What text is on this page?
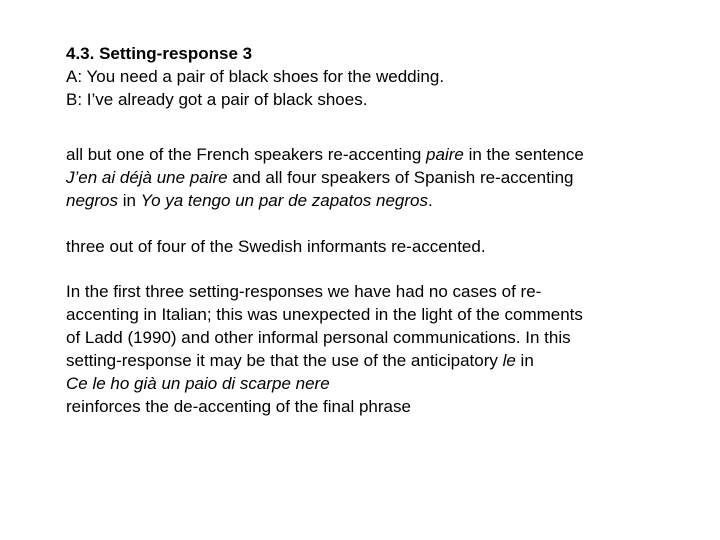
4.3. Setting-response 3

A: You need a pair of black shoes for the wedding.

B: I’ve already got a pair of black shoes.

all but one of the French speakers re-accenting paire in the sentence
J’en ai déjà une paire and all four speakers of Spanish re-accenting
negros in Yo ya tengo un par de zapatos negros.

three out of four of the Swedish informants re-accented.

In the first three setting-responses we have had no cases of re-
accenting in Italian; this was unexpected in the light of the comments
of Ladd (1990) and other informal personal communications. In this
setting-response it may be that the use of the anticipatory le in
Ce le ho già un paio di scarpe nere
reinforces the de-accenting of the final phrase
